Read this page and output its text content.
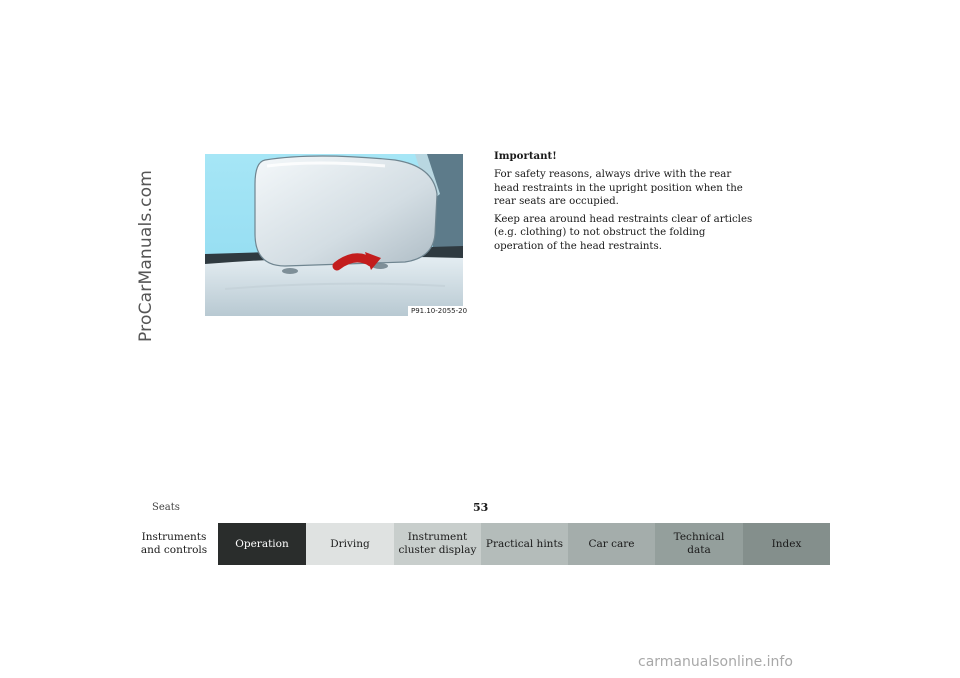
ProCarManuals.com	P91.10-2055-20

Important!

For safety reasons, always drive with the rear head restraints in the upright position when the rear seats are occupied.

Keep area around head restraints clear of articles (e.g. clothing) to not obstruct the folding operation of the head restraints.

Seats	53
Instruments
and controls
Operation	Driving
Instrument
cluster display
Practical hints	Car care
Technical
data
Index
carmanualsonline.info
